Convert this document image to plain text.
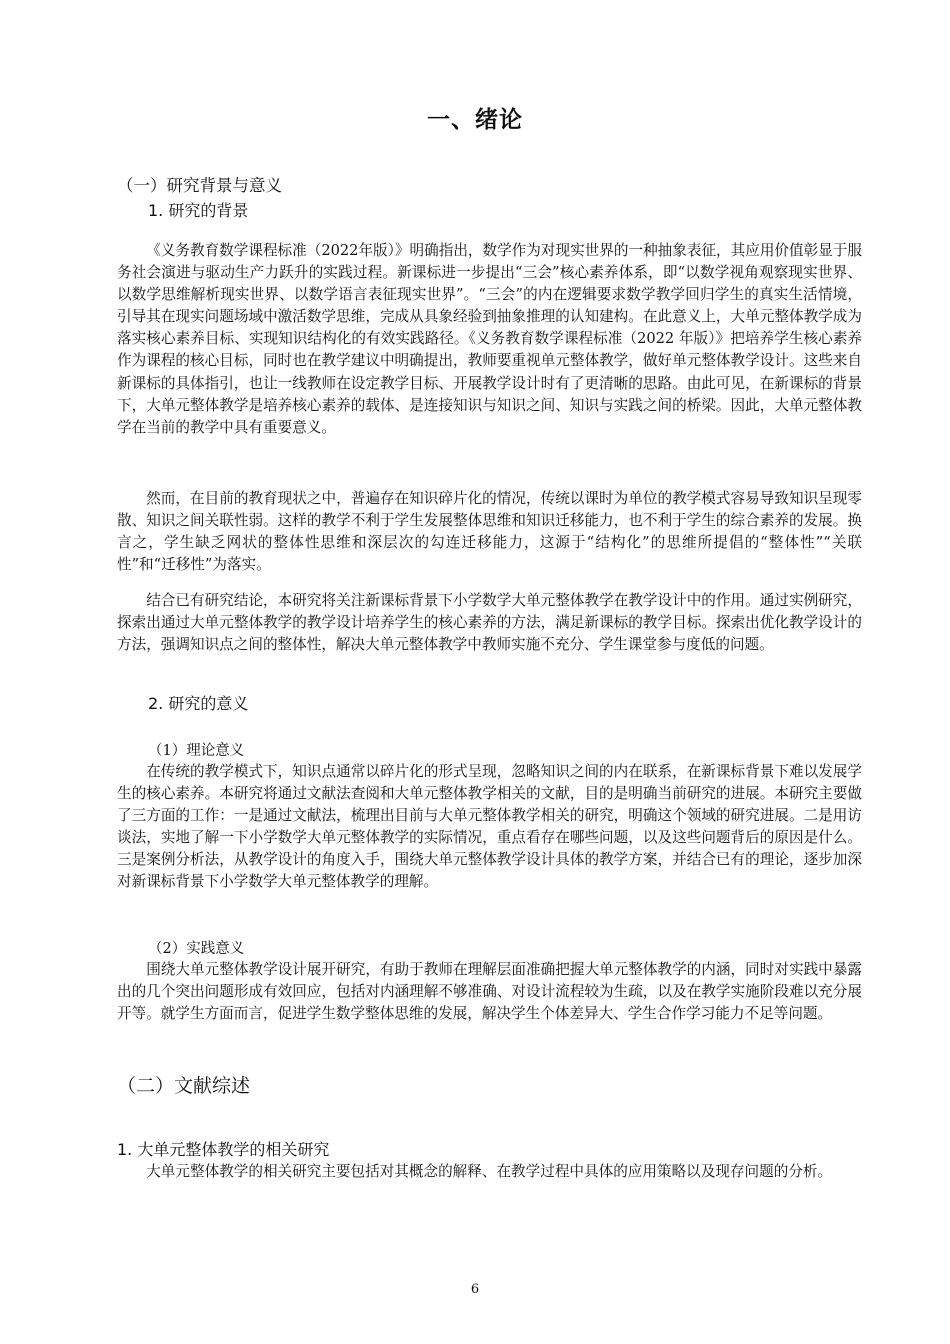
一、绪论
（一）研究背景与意义
1. 研究的背景

《义务教育数学课程标准（2022年版）》明确指出，数学作为对现实世界的一种抽象表征，其应用价值彰显于服务社会演进与驱动生产力跃升的实践过程。新课标进一步提出“三会”核心素养体系，即“以数学视角观察现实世界、以数学思维解析现实世界、以数学语言表征现实世界”。“三会”的内在逻辑要求数学教学回归学生的真实生活情境，引导其在现实问题场域中激活数学思维，完成从具象经验到抽象推理的认知建构。在此意义上，大单元整体教学成为落实核心素养目标、实现知识结构化的有效实践路径。《义务教育数学课程标准（2022 年版）》把培养学生核心素养作为课程的核心目标，同时也在教学建议中明确提出，教师要重视单元整体教学，做好单元整体教学设计。这些来自新课标的具体指引，也让一线教师在设定教学目标、开展教学设计时有了更清晰的思路。由此可见，在新课标的背景下，大单元整体教学是培养核心素养的载体、是连接知识与知识之间、知识与实践之间的桥梁。因此，大单元整体教学在当前的教学中具有重要意义。

然而，在目前的教育现状之中，普遍存在知识碎片化的情况，传统以课时为单位的教学模式容易导致知识呈现零散、知识之间关联性弱。这样的教学不利于学生发展整体思维和知识迁移能力，也不利于学生的综合素养的发展。换言之，学生缺乏网状的整体性思维和深层次的勾连迁移能力，这源于“结构化”的思维所提倡的“整体性”“关联性”和“迁移性”为落实。

结合已有研究结论，本研究将关注新课标背景下小学数学大单元整体教学在教学设计中的作用。通过实例研究，探索出通过大单元整体教学的教学设计培养学生的核心素养的方法，满足新课标的教学目标。探索出优化教学设计的方法，强调知识点之间的整体性，解决大单元整体教学中教师实施不充分、学生课堂参与度低的问题。

2. 研究的意义
（1）理论意义

在传统的教学模式下，知识点通常以碎片化的形式呈现，忽略知识之间的内在联系，在新课标背景下难以发展学生的核心素养。本研究将通过文献法查阅和大单元整体教学相关的文献，目的是明确当前研究的进展。本研究主要做了三方面的工作：一是通过文献法，梳理出目前与大单元整体教学相关的研究，明确这个领域的研究进展。二是用访谈法，实地了解一下小学数学大单元整体教学的实际情况，重点看存在哪些问题，以及这些问题背后的原因是什么。三是案例分析法，从教学设计的角度入手，围绕大单元整体教学设计具体的教学方案，并结合已有的理论，逐步加深对新课标背景下小学数学大单元整体教学的理解。

（2）实践意义

围绕大单元整体教学设计展开研究，有助于教师在理解层面准确把握大单元整体教学的内涵，同时对实践中暴露出的几个突出问题形成有效回应，包括对内涵理解不够准确、对设计流程较为生疏，以及在教学实施阶段难以充分展开等。就学生方面而言，促进学生数学整体思维的发展，解决学生个体差异大、学生合作学习能力不足等问题。

（二）文献综述
1. 大单元整体教学的相关研究

大单元整体教学的相关研究主要包括对其概念的解释、在教学过程中具体的应用策略以及现存问题的分析。

6
